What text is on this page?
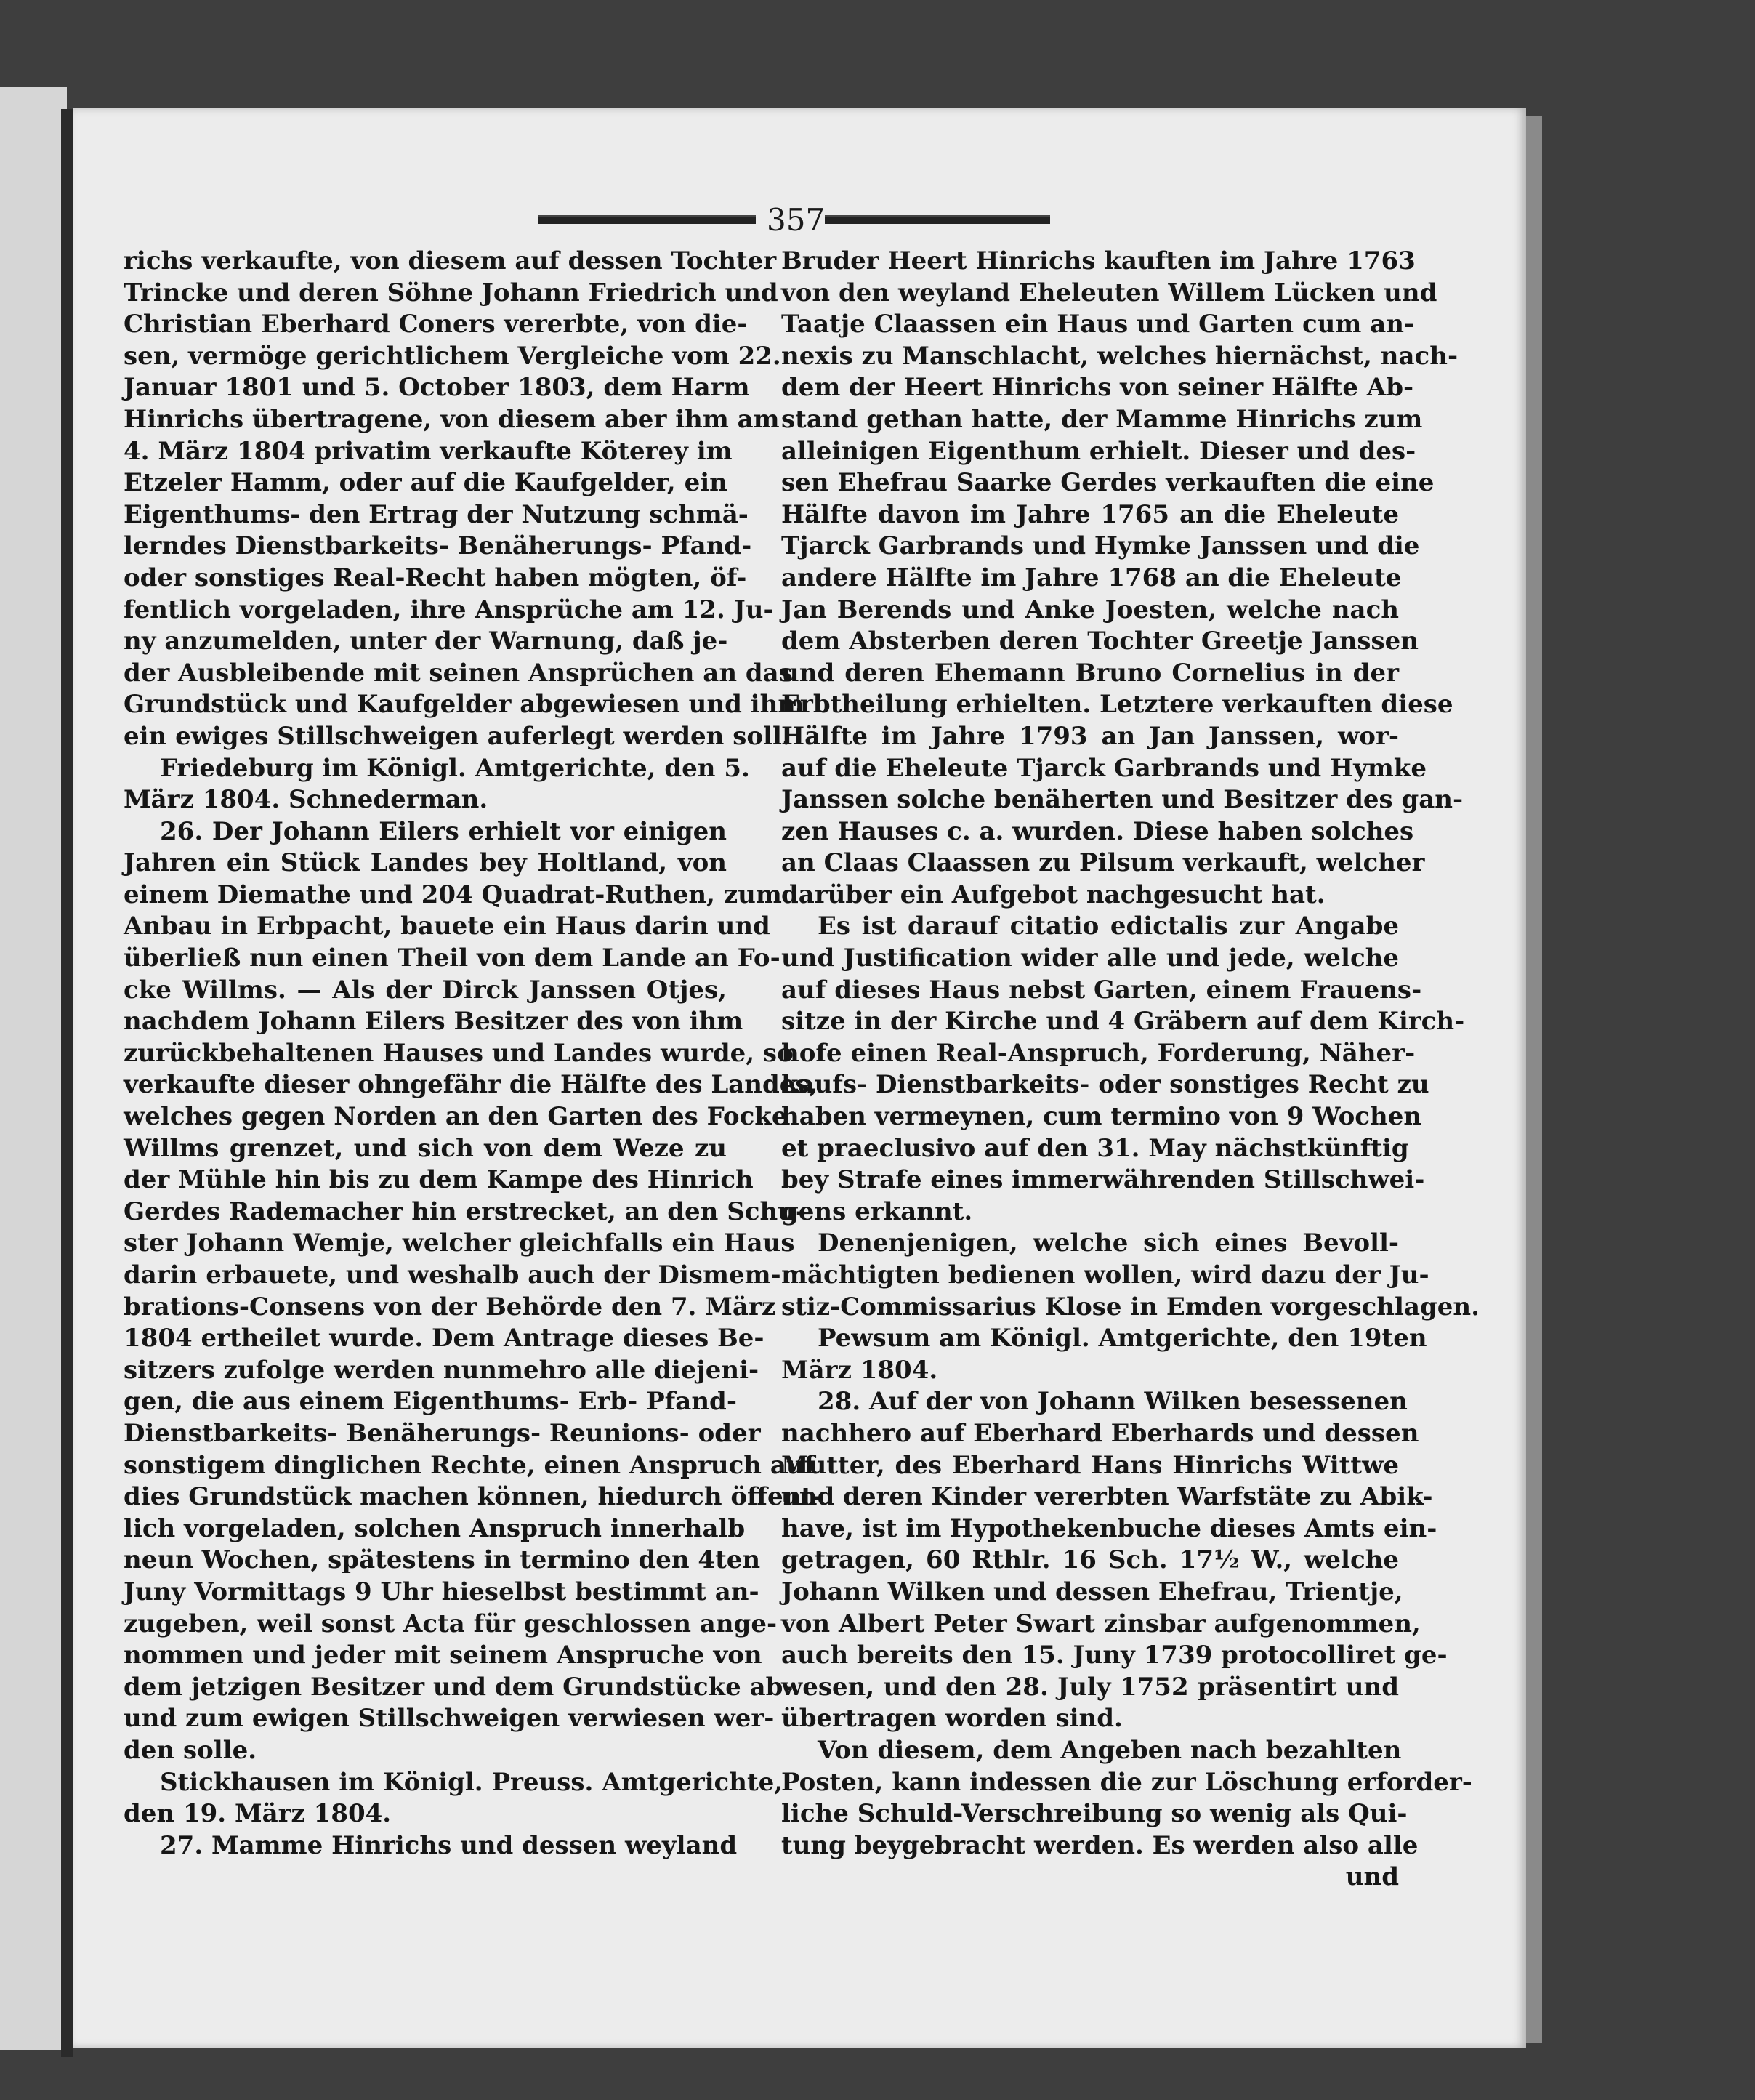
357
richs verkaufte, von diesem auf dessen Tochter
Trincke und deren Söhne Johann Friedrich und
Christian Eberhard Coners vererbte, von die-
sen, vermöge gerichtlichem Vergleiche vom 22.
Januar 1801 und 5. October 1803, dem Harm
Hinrichs übertragene, von diesem aber ihm am
4. März 1804 privatim verkaufte Köterey im
Etzeler Hamm, oder auf die Kaufgelder, ein
Eigenthums- den Ertrag der Nutzung schmä-
lerndes Dienstbarkeits- Benäherungs- Pfand-
oder sonstiges Real-Recht haben mögten, öf-
fentlich vorgeladen, ihre Ansprüche am 12. Ju-
ny anzumelden, unter der Warnung, daß je-
der Ausbleibende mit seinen Ansprüchen an das
Grundstück und Kaufgelder abgewiesen und ihm
ein ewiges Stillschweigen auferlegt werden soll.
Friedeburg im Königl. Amtgerichte, den 5.
März 1804. Schnederman.
26. Der Johann Eilers erhielt vor einigen
Jahren ein Stück Landes bey Holtland, von
einem Diemathe und 204 Quadrat-Ruthen, zum
Anbau in Erbpacht, bauete ein Haus darin und
überließ nun einen Theil von dem Lande an Fo-
cke Willms. — Als der Dirck Janssen Otjes,
nachdem Johann Eilers Besitzer des von ihm
zurückbehaltenen Hauses und Landes wurde, so
verkaufte dieser ohngefähr die Hälfte des Landes,
welches gegen Norden an den Garten des Focke
Willms grenzet, und sich von dem Weze zu
der Mühle hin bis zu dem Kampe des Hinrich
Gerdes Rademacher hin erstrecket, an den Schu-
ster Johann Wemje, welcher gleichfalls ein Haus
darin erbauete, und weshalb auch der Dismem-
brations-Consens von der Behörde den 7. März
1804 ertheilet wurde. Dem Antrage dieses Be-
sitzers zufolge werden nunmehro alle diejeni-
gen, die aus einem Eigenthums- Erb- Pfand-
Dienstbarkeits- Benäherungs- Reunions- oder
sonstigem dinglichen Rechte, einen Anspruch auf
dies Grundstück machen können, hiedurch öffent-
lich vorgeladen, solchen Anspruch innerhalb
neun Wochen, spätestens in termino den 4ten
Juny Vormittags 9 Uhr hieselbst bestimmt an-
zugeben, weil sonst Acta für geschlossen ange-
nommen und jeder mit seinem Anspruche von
dem jetzigen Besitzer und dem Grundstücke ab-
und zum ewigen Stillschweigen verwiesen wer-
den solle.
Stickhausen im Königl. Preuss. Amtgerichte,
den 19. März 1804.
27. Mamme Hinrichs und dessen weyland
Bruder Heert Hinrichs kauften im Jahre 1763
von den weyland Eheleuten Willem Lücken und
Taatje Claassen ein Haus und Garten cum an-
nexis zu Manschlacht, welches hiernächst, nach-
dem der Heert Hinrichs von seiner Hälfte Ab-
stand gethan hatte, der Mamme Hinrichs zum
alleinigen Eigenthum erhielt. Dieser und des-
sen Ehefrau Saarke Gerdes verkauften die eine
Hälfte davon im Jahre 1765 an die Eheleute
Tjarck Garbrands und Hymke Janssen und die
andere Hälfte im Jahre 1768 an die Eheleute
Jan Berends und Anke Joesten, welche nach
dem Absterben deren Tochter Greetje Janssen
und deren Ehemann Bruno Cornelius in der
Erbtheilung erhielten. Letztere verkauften diese
Hälfte im Jahre 1793 an Jan Janssen, wor-
auf die Eheleute Tjarck Garbrands und Hymke
Janssen solche benäherten und Besitzer des gan-
zen Hauses c. a. wurden. Diese haben solches
an Claas Claassen zu Pilsum verkauft, welcher
darüber ein Aufgebot nachgesucht hat.
Es ist darauf citatio edictalis zur Angabe
und Justification wider alle und jede, welche
auf dieses Haus nebst Garten, einem Frauens-
sitze in der Kirche und 4 Gräbern auf dem Kirch-
hofe einen Real-Anspruch, Forderung, Näher-
kaufs- Dienstbarkeits- oder sonstiges Recht zu
haben vermeynen, cum termino von 9 Wochen
et praeclusivo auf den 31. May nächstkünftig
bey Strafe eines immerwährenden Stillschwei-
gens erkannt.
Denenjenigen, welche sich eines Bevoll-
mächtigten bedienen wollen, wird dazu der Ju-
stiz-Commissarius Klose in Emden vorgeschlagen.
Pewsum am Königl. Amtgerichte, den 19ten
März 1804.
28. Auf der von Johann Wilken besessenen
nachhero auf Eberhard Eberhards und dessen
Mutter, des Eberhard Hans Hinrichs Wittwe
und deren Kinder vererbten Warfstäte zu Abik-
have, ist im Hypothekenbuche dieses Amts ein-
getragen, 60 Rthlr. 16 Sch. 17½ W., welche
Johann Wilken und dessen Ehefrau, Trientje,
von Albert Peter Swart zinsbar aufgenommen,
auch bereits den 15. Juny 1739 protocolliret ge-
wesen, und den 28. July 1752 präsentirt und
übertragen worden sind.
Von diesem, dem Angeben nach bezahlten
Posten, kann indessen die zur Löschung erforder-
liche Schuld-Verschreibung so wenig als Qui-
tung beygebracht werden. Es werden also alle
und
